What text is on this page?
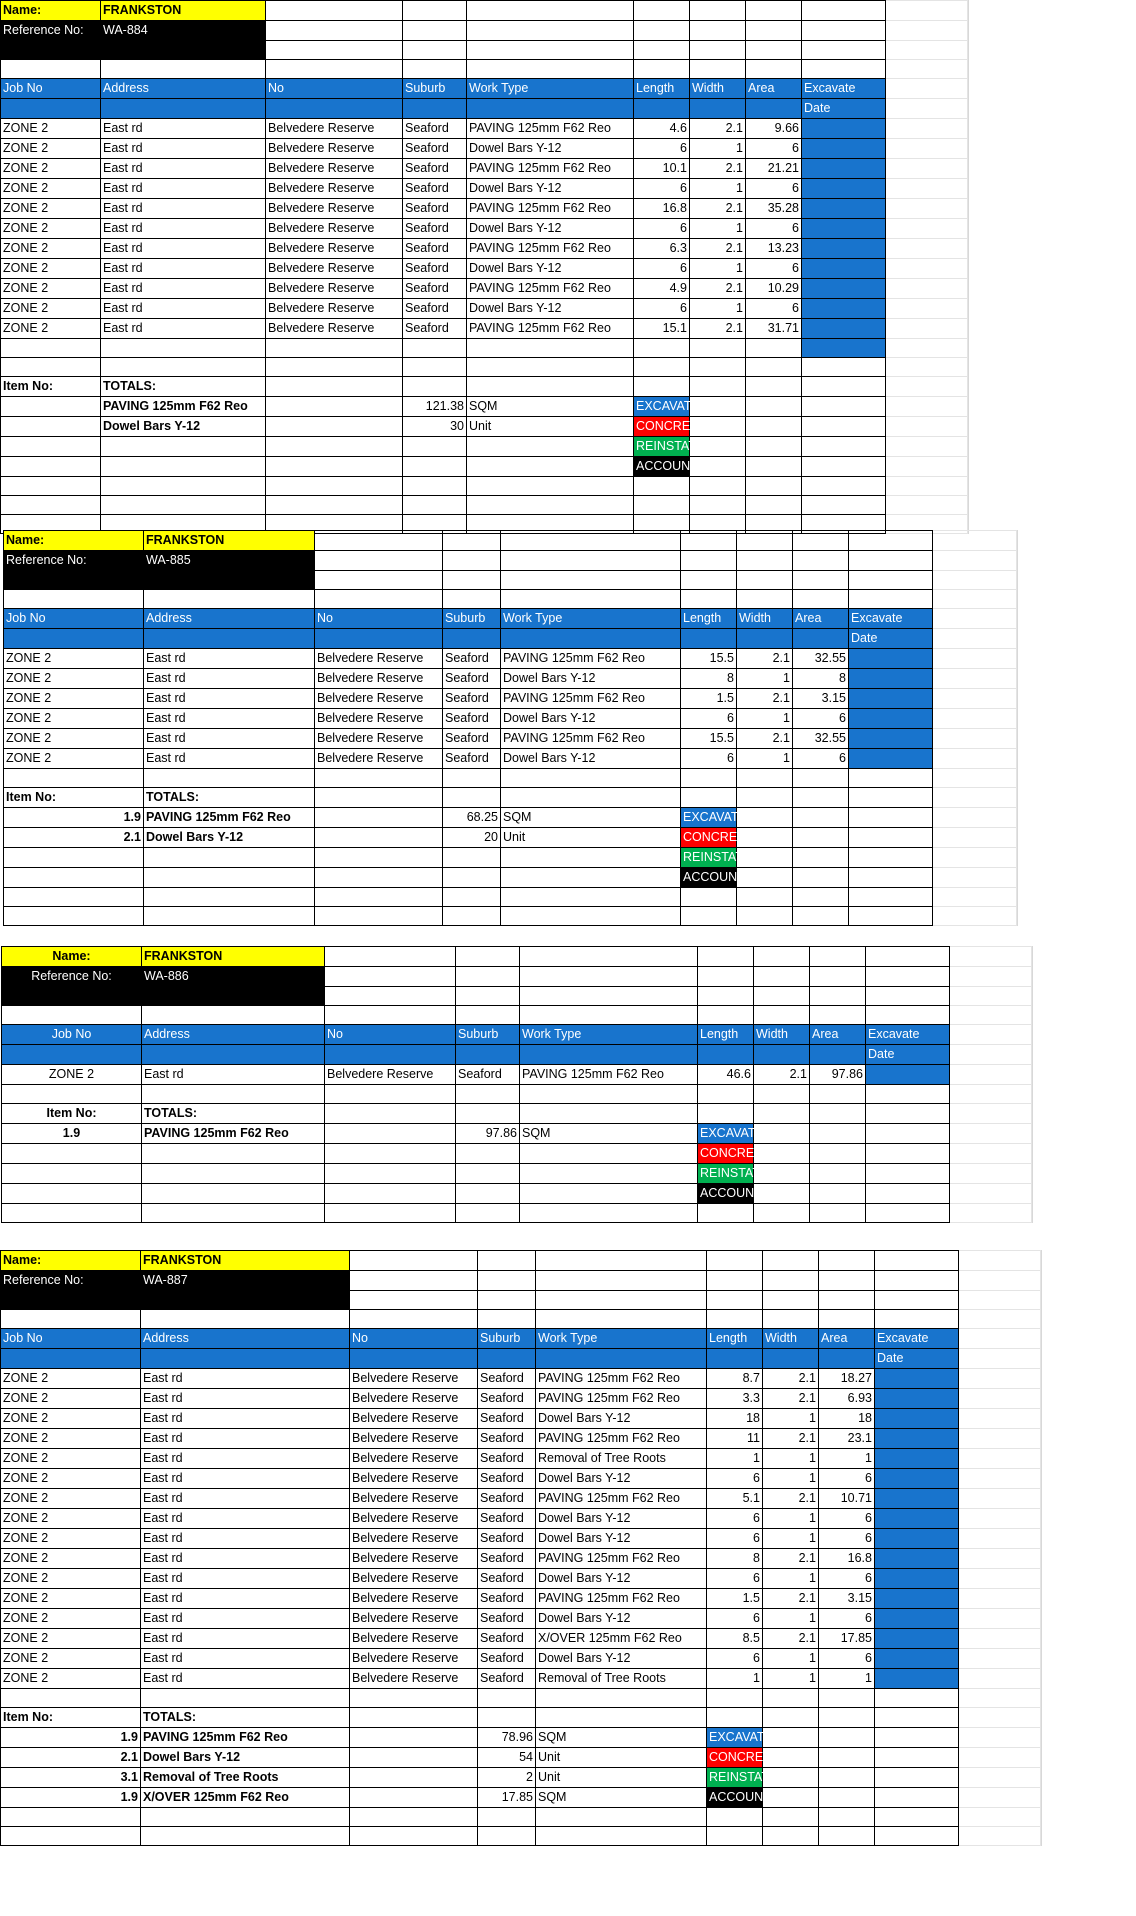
Name:	FRANKSTON								
Reference No:	WA-884								

Job No	Address	No	Suburb	Work Type	Length	Width	Area	Excavate	
								Date	
ZONE 2	East rd	Belvedere Reserve	Seaford	PAVING 125mm F62 Reo	4.6	2.1	9.66		
ZONE 2	East rd	Belvedere Reserve	Seaford	Dowel Bars Y-12	6	1	6		
ZONE 2	East rd	Belvedere Reserve	Seaford	PAVING 125mm F62 Reo	10.1	2.1	21.21		
ZONE 2	East rd	Belvedere Reserve	Seaford	Dowel Bars Y-12	6	1	6		
ZONE 2	East rd	Belvedere Reserve	Seaford	PAVING 125mm F62 Reo	16.8	2.1	35.28		
ZONE 2	East rd	Belvedere Reserve	Seaford	Dowel Bars Y-12	6	1	6		
ZONE 2	East rd	Belvedere Reserve	Seaford	PAVING 125mm F62 Reo	6.3	2.1	13.23		
ZONE 2	East rd	Belvedere Reserve	Seaford	Dowel Bars Y-12	6	1	6		
ZONE 2	East rd	Belvedere Reserve	Seaford	PAVING 125mm F62 Reo	4.9	2.1	10.29		
ZONE 2	East rd	Belvedere Reserve	Seaford	Dowel Bars Y-12	6	1	6		
ZONE 2	East rd	Belvedere Reserve	Seaford	PAVING 125mm F62 Reo	15.1	2.1	31.71		

Item No:	TOTALS:								
	PAVING 125mm F62 Reo		121.38	SQM	EXCAVATION				
	Dowel Bars Y-12		30	Unit	CONCRETING				
					REINSTATING				
					ACCOUNTS				

Name:	FRANKSTON								
Reference No:	WA-885								

Job No	Address	No	Suburb	Work Type	Length	Width	Area	Excavate	
								Date	
ZONE 2	East rd	Belvedere Reserve	Seaford	PAVING 125mm F62 Reo	15.5	2.1	32.55		
ZONE 2	East rd	Belvedere Reserve	Seaford	Dowel Bars Y-12	8	1	8		
ZONE 2	East rd	Belvedere Reserve	Seaford	PAVING 125mm F62 Reo	1.5	2.1	3.15		
ZONE 2	East rd	Belvedere Reserve	Seaford	Dowel Bars Y-12	6	1	6		
ZONE 2	East rd	Belvedere Reserve	Seaford	PAVING 125mm F62 Reo	15.5	2.1	32.55		
ZONE 2	East rd	Belvedere Reserve	Seaford	Dowel Bars Y-12	6	1	6		

Item No:	TOTALS:								
1.9	PAVING 125mm F62 Reo		68.25	SQM	EXCAVATION				
2.1	Dowel Bars Y-12		20	Unit	CONCRETING				
					REINSTATING				
					ACCOUNTS				

Name:	FRANKSTON								
Reference No:	WA-886								

Job No	Address	No	Suburb	Work Type	Length	Width	Area	Excavate	
								Date	
ZONE 2	East rd	Belvedere Reserve	Seaford	PAVING 125mm F62 Reo	46.6	2.1	97.86		

Item No:	TOTALS:								
1.9	PAVING 125mm F62 Reo		97.86	SQM	EXCAVATION				
					CONCRETING				
					REINSTATING				
					ACCOUNTS				

Name:	FRANKSTON								
Reference No:	WA-887								

Job No	Address	No	Suburb	Work Type	Length	Width	Area	Excavate	
								Date	
ZONE 2	East rd	Belvedere Reserve	Seaford	PAVING 125mm F62 Reo	8.7	2.1	18.27		
ZONE 2	East rd	Belvedere Reserve	Seaford	PAVING 125mm F62 Reo	3.3	2.1	6.93		
ZONE 2	East rd	Belvedere Reserve	Seaford	Dowel Bars Y-12	18	1	18		
ZONE 2	East rd	Belvedere Reserve	Seaford	PAVING 125mm F62 Reo	11	2.1	23.1		
ZONE 2	East rd	Belvedere Reserve	Seaford	Removal of Tree Roots	1	1	1		
ZONE 2	East rd	Belvedere Reserve	Seaford	Dowel Bars Y-12	6	1	6		
ZONE 2	East rd	Belvedere Reserve	Seaford	PAVING 125mm F62 Reo	5.1	2.1	10.71		
ZONE 2	East rd	Belvedere Reserve	Seaford	Dowel Bars Y-12	6	1	6		
ZONE 2	East rd	Belvedere Reserve	Seaford	Dowel Bars Y-12	6	1	6		
ZONE 2	East rd	Belvedere Reserve	Seaford	PAVING 125mm F62 Reo	8	2.1	16.8		
ZONE 2	East rd	Belvedere Reserve	Seaford	Dowel Bars Y-12	6	1	6		
ZONE 2	East rd	Belvedere Reserve	Seaford	PAVING 125mm F62 Reo	1.5	2.1	3.15		
ZONE 2	East rd	Belvedere Reserve	Seaford	Dowel Bars Y-12	6	1	6		
ZONE 2	East rd	Belvedere Reserve	Seaford	X/OVER 125mm F62 Reo	8.5	2.1	17.85		
ZONE 2	East rd	Belvedere Reserve	Seaford	Dowel Bars Y-12	6	1	6		
ZONE 2	East rd	Belvedere Reserve	Seaford	Removal of Tree Roots	1	1	1		

Item No:	TOTALS:								
1.9	PAVING 125mm F62 Reo		78.96	SQM	EXCAVATION				
2.1	Dowel Bars Y-12		54	Unit	CONCRETING				
3.1	Removal of Tree Roots		2	Unit	REINSTATING				
1.9	X/OVER 125mm F62 Reo		17.85	SQM	ACCOUNTS				
